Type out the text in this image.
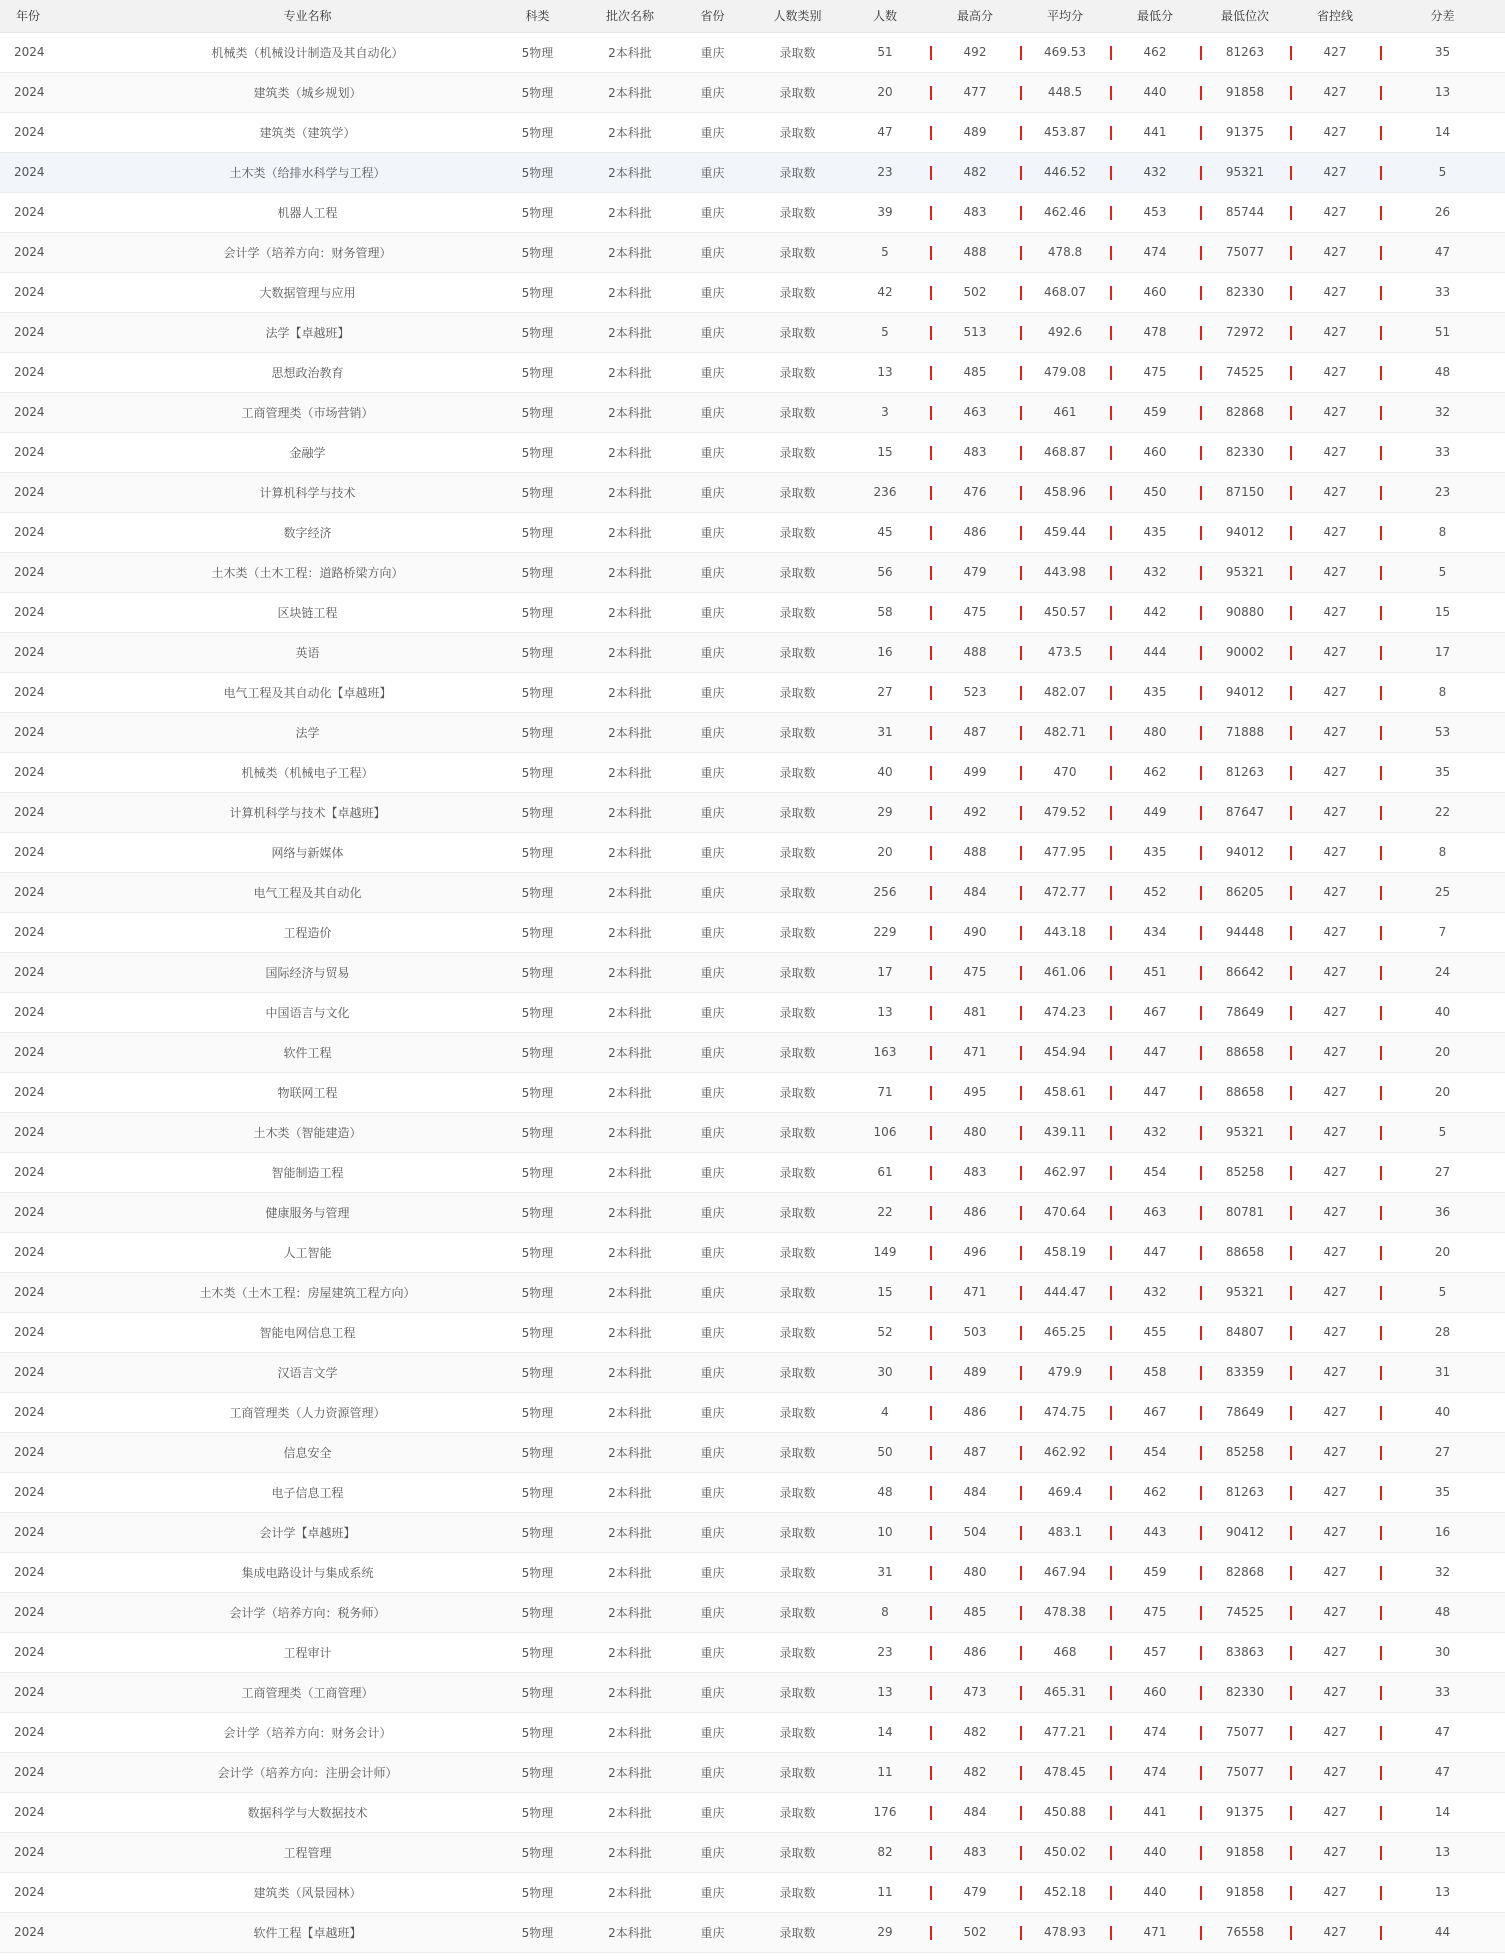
年份	专业名称	科类	批次名称	省份	人数类别	人数	最高分	平均分	最低分	最低位次	省控线	分差
2024	机械类（机械设计制造及其自动化）	5物理	2本科批	重庆	录取数	51	492	469.53	462	81263	427	35
2024	建筑类（城乡规划）	5物理	2本科批	重庆	录取数	20	477	448.5	440	91858	427	13
2024	建筑类（建筑学）	5物理	2本科批	重庆	录取数	47	489	453.87	441	91375	427	14
2024	土木类（给排水科学与工程）	5物理	2本科批	重庆	录取数	23	482	446.52	432	95321	427	5
2024	机器人工程	5物理	2本科批	重庆	录取数	39	483	462.46	453	85744	427	26
2024	会计学（培养方向：财务管理）	5物理	2本科批	重庆	录取数	5	488	478.8	474	75077	427	47
2024	大数据管理与应用	5物理	2本科批	重庆	录取数	42	502	468.07	460	82330	427	33
2024	法学【卓越班】	5物理	2本科批	重庆	录取数	5	513	492.6	478	72972	427	51
2024	思想政治教育	5物理	2本科批	重庆	录取数	13	485	479.08	475	74525	427	48
2024	工商管理类（市场营销）	5物理	2本科批	重庆	录取数	3	463	461	459	82868	427	32
2024	金融学	5物理	2本科批	重庆	录取数	15	483	468.87	460	82330	427	33
2024	计算机科学与技术	5物理	2本科批	重庆	录取数	236	476	458.96	450	87150	427	23
2024	数字经济	5物理	2本科批	重庆	录取数	45	486	459.44	435	94012	427	8
2024	土木类（土木工程：道路桥梁方向）	5物理	2本科批	重庆	录取数	56	479	443.98	432	95321	427	5
2024	区块链工程	5物理	2本科批	重庆	录取数	58	475	450.57	442	90880	427	15
2024	英语	5物理	2本科批	重庆	录取数	16	488	473.5	444	90002	427	17
2024	电气工程及其自动化【卓越班】	5物理	2本科批	重庆	录取数	27	523	482.07	435	94012	427	8
2024	法学	5物理	2本科批	重庆	录取数	31	487	482.71	480	71888	427	53
2024	机械类（机械电子工程）	5物理	2本科批	重庆	录取数	40	499	470	462	81263	427	35
2024	计算机科学与技术【卓越班】	5物理	2本科批	重庆	录取数	29	492	479.52	449	87647	427	22
2024	网络与新媒体	5物理	2本科批	重庆	录取数	20	488	477.95	435	94012	427	8
2024	电气工程及其自动化	5物理	2本科批	重庆	录取数	256	484	472.77	452	86205	427	25
2024	工程造价	5物理	2本科批	重庆	录取数	229	490	443.18	434	94448	427	7
2024	国际经济与贸易	5物理	2本科批	重庆	录取数	17	475	461.06	451	86642	427	24
2024	中国语言与文化	5物理	2本科批	重庆	录取数	13	481	474.23	467	78649	427	40
2024	软件工程	5物理	2本科批	重庆	录取数	163	471	454.94	447	88658	427	20
2024	物联网工程	5物理	2本科批	重庆	录取数	71	495	458.61	447	88658	427	20
2024	土木类（智能建造）	5物理	2本科批	重庆	录取数	106	480	439.11	432	95321	427	5
2024	智能制造工程	5物理	2本科批	重庆	录取数	61	483	462.97	454	85258	427	27
2024	健康服务与管理	5物理	2本科批	重庆	录取数	22	486	470.64	463	80781	427	36
2024	人工智能	5物理	2本科批	重庆	录取数	149	496	458.19	447	88658	427	20
2024	土木类（土木工程：房屋建筑工程方向）	5物理	2本科批	重庆	录取数	15	471	444.47	432	95321	427	5
2024	智能电网信息工程	5物理	2本科批	重庆	录取数	52	503	465.25	455	84807	427	28
2024	汉语言文学	5物理	2本科批	重庆	录取数	30	489	479.9	458	83359	427	31
2024	工商管理类（人力资源管理）	5物理	2本科批	重庆	录取数	4	486	474.75	467	78649	427	40
2024	信息安全	5物理	2本科批	重庆	录取数	50	487	462.92	454	85258	427	27
2024	电子信息工程	5物理	2本科批	重庆	录取数	48	484	469.4	462	81263	427	35
2024	会计学【卓越班】	5物理	2本科批	重庆	录取数	10	504	483.1	443	90412	427	16
2024	集成电路设计与集成系统	5物理	2本科批	重庆	录取数	31	480	467.94	459	82868	427	32
2024	会计学（培养方向：税务师）	5物理	2本科批	重庆	录取数	8	485	478.38	475	74525	427	48
2024	工程审计	5物理	2本科批	重庆	录取数	23	486	468	457	83863	427	30
2024	工商管理类（工商管理）	5物理	2本科批	重庆	录取数	13	473	465.31	460	82330	427	33
2024	会计学（培养方向：财务会计）	5物理	2本科批	重庆	录取数	14	482	477.21	474	75077	427	47
2024	会计学（培养方向：注册会计师）	5物理	2本科批	重庆	录取数	11	482	478.45	474	75077	427	47
2024	数据科学与大数据技术	5物理	2本科批	重庆	录取数	176	484	450.88	441	91375	427	14
2024	工程管理	5物理	2本科批	重庆	录取数	82	483	450.02	440	91858	427	13
2024	建筑类（风景园林）	5物理	2本科批	重庆	录取数	11	479	452.18	440	91858	427	13
2024	软件工程【卓越班】	5物理	2本科批	重庆	录取数	29	502	478.93	471	76558	427	44
